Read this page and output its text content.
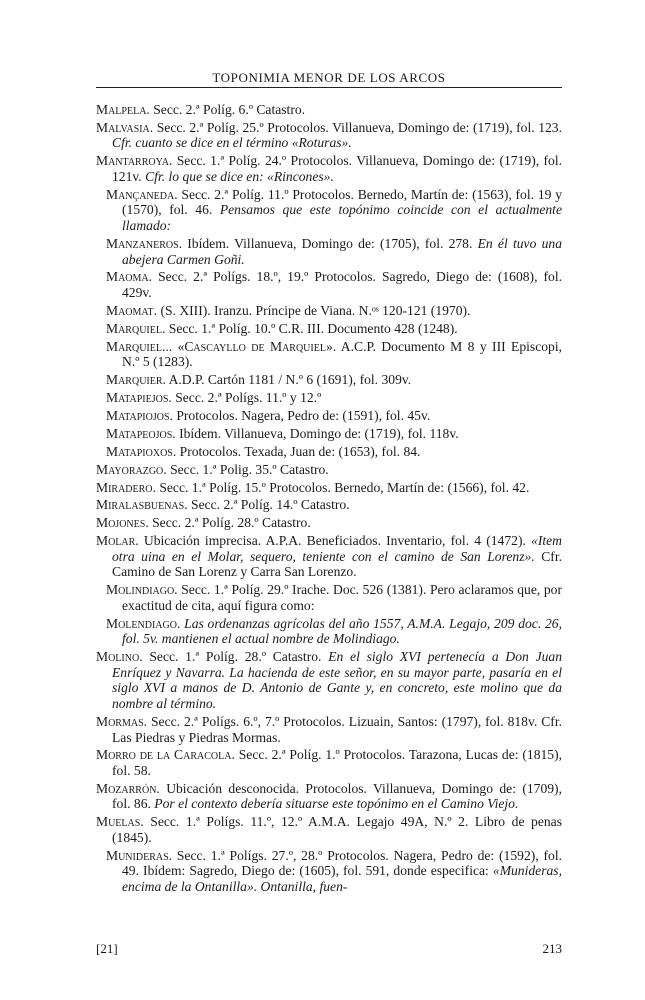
TOPONIMIA MENOR DE LOS ARCOS

Malpela. Secc. 2.ª Políg. 6.º Catastro.

Malvasia. Secc. 2.ª Políg. 25.º Protocolos. Villanueva, Domingo de: (1719), fol. 123. Cfr. cuanto se dice en el término «Roturas».

Mantarroya. Secc. 1.ª Políg. 24.º Protocolos. Villanueva, Domingo de: (1719), fol. 121v. Cfr. lo que se dice en: «Rincones».

Mançaneda. Secc. 2.ª Políg. 11.º Protocolos. Bernedo, Martín de: (1563), fol. 19 y (1570), fol. 46. Pensamos que este topónimo coincide con el actualmente llamado:

Manzaneros. Ibídem. Villanueva, Domingo de: (1705), fol. 278. En él tuvo una abejera Carmen Goñi.

Maoma. Secc. 2.ª Polígs. 18.º, 19.º Protocolos. Sagredo, Diego de: (1608), fol. 429v.

Maomat. (S. XIII). Iranzu. Príncipe de Viana. N.ᵒˢ 120-121 (1970).

Marquiel. Secc. 1.ª Políg. 10.º C.R. III. Documento 428 (1248).

Marquiel... «Cascayllo de Marquiel». A.C.P. Documento M 8 y III Episcopi, N.º 5 (1283).

Marquier. A.D.P. Cartón 1181 / N.º 6 (1691), fol. 309v.

Matapiejos. Secc. 2.ª Polígs. 11.º y 12.º

Matapiojos. Protocolos. Nagera, Pedro de: (1591), fol. 45v.

Matapeojos. Ibídem. Villanueva, Domingo de: (1719), fol. 118v.

Matapioxos. Protocolos. Texada, Juan de: (1653), fol. 84.

Mayorazgo. Secc. 1.ª Polig. 35.º Catastro.

Miradero. Secc. 1.ª Políg. 15.º Protocolos. Bernedo, Martín de: (1566), fol. 42.

Miralasbuenas. Secc. 2.ª Políg. 14.º Catastro.

Mojones. Secc. 2.ª Políg. 28.º Catastro.

Molar. Ubicación imprecisa. A.P.A. Beneficiados. Inventario, fol. 4 (1472). «Item otra uina en el Molar, sequero, teniente con el camino de San Lorenz». Cfr. Camino de San Lorenz y Carra San Lorenzo.

Molindiago. Secc. 1.ª Políg. 29.º Irache. Doc. 526 (1381). Pero aclaramos que, por exactitud de cita, aquí figura como:

Molendiago. Las ordenanzas agrícolas del año 1557, A.M.A. Legajo, 209 doc. 26, fol. 5v. mantienen el actual nombre de Molindiago.

Molino. Secc. 1.ª Políg. 28.º Catastro. En el siglo XVI pertenecía a Don Juan Enríquez y Navarra. La hacienda de este señor, en su mayor parte, pasaría en el siglo XVI a manos de D. Antonio de Gante y, en concreto, este molino que da nombre al término.

Mormas. Secc. 2.ª Polígs. 6.º, 7.º Protocolos. Lizuain, Santos: (1797), fol. 818v. Cfr. Las Piedras y Piedras Mormas.

Morro de la Caracola. Secc. 2.ª Políg. 1.º Protocolos. Tarazona, Lucas de: (1815), fol. 58.

Mozarrón. Ubicación desconocida. Protocolos. Villanueva, Domingo de: (1709), fol. 86. Por el contexto debería situarse este topónimo en el Camino Viejo.

Muelas. Secc. 1.ª Polígs. 11.º, 12.º A.M.A. Legajo 49A, N.º 2. Libro de penas (1845).

Munideras. Secc. 1.ª Polígs. 27.º, 28.º Protocolos. Nagera, Pedro de: (1592), fol. 49. Ibídem: Sagredo, Diego de: (1605), fol. 591, donde especifica: «Munideras, encima de la Ontanilla». Ontanilla, fuen-

[21]	213
